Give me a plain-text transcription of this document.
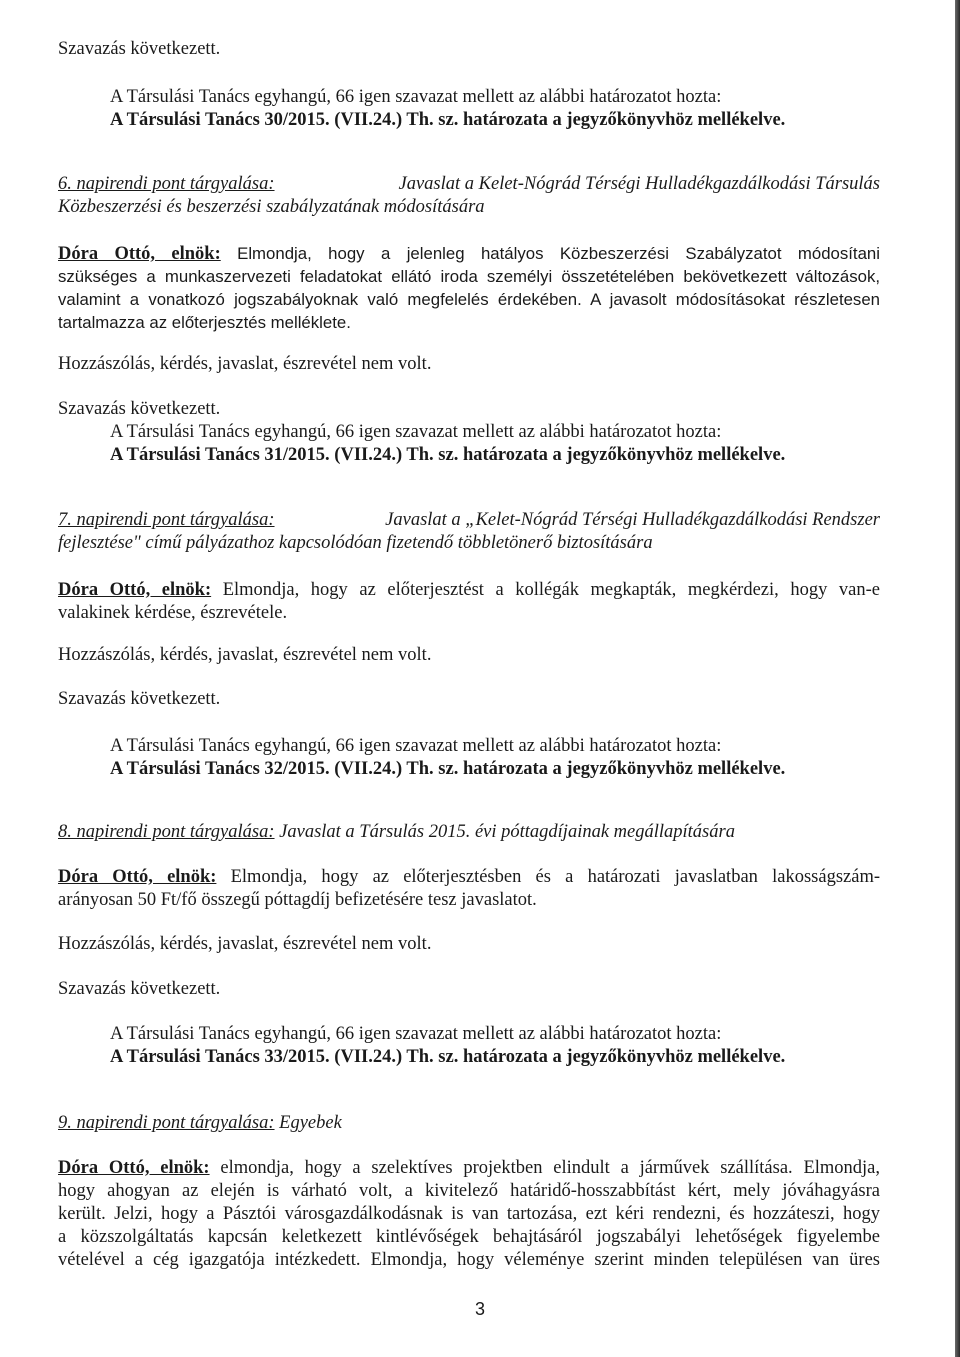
Szavazás következett.
A Társulási Tanács egyhangú, 66 igen szavazat mellett az alábbi határozatot hozta:
A Társulási Tanács 30/2015. (VII.24.) Th. sz. határozata a jegyzőkönyvhöz mellékelve.
6. napirendi pont tárgyalása:	Javaslat a Kelet-Nógrád Térségi Hulladékgazdálkodási Társulás
Közbeszerzési és beszerzési szabályzatának módosítására
Dóra Ottó, elnök: Elmondja, hogy a jelenleg hatályos Közbeszerzési Szabályzatot módosítani
szükséges a munkaszervezeti feladatokat ellátó iroda személyi összetételében bekövetkezett változások,
valamint a vonatkozó jogszabályoknak való megfelelés érdekében. A javasolt módosításokat részletesen
tartalmazza az előterjesztés melléklete.
Hozzászólás, kérdés, javaslat, észrevétel nem volt.
Szavazás következett.
A Társulási Tanács egyhangú, 66 igen szavazat mellett az alábbi határozatot hozta:
A Társulási Tanács 31/2015. (VII.24.) Th. sz. határozata a jegyzőkönyvhöz mellékelve.
7. napirendi pont tárgyalása:	Javaslat a „Kelet-Nógrád Térségi Hulladékgazdálkodási Rendszer
fejlesztése" című pályázathoz kapcsolódóan fizetendő többletönerő biztosítására
Dóra Ottó, elnök: Elmondja, hogy az előterjesztést a kollégák megkapták, megkérdezi, hogy van-e
valakinek kérdése, észrevétele.
Hozzászólás, kérdés, javaslat, észrevétel nem volt.
Szavazás következett.
A Társulási Tanács egyhangú, 66 igen szavazat mellett az alábbi határozatot hozta:
A Társulási Tanács 32/2015. (VII.24.) Th. sz. határozata a jegyzőkönyvhöz mellékelve.
8. napirendi pont tárgyalása: Javaslat a Társulás 2015. évi póttagdíjainak megállapítására
Dóra Ottó, elnök: Elmondja, hogy az előterjesztésben és a határozati javaslatban lakosságszám-
arányosan 50 Ft/fő összegű póttagdíj befizetésére tesz javaslatot.
Hozzászólás, kérdés, javaslat, észrevétel nem volt.
Szavazás következett.
A Társulási Tanács egyhangú, 66 igen szavazat mellett az alábbi határozatot hozta:
A Társulási Tanács 33/2015. (VII.24.) Th. sz. határozata a jegyzőkönyvhöz mellékelve.
9. napirendi pont tárgyalása: Egyebek
Dóra Ottó, elnök: elmondja, hogy a szelektíves projektben elindult a járművek szállítása. Elmondja,
hogy ahogyan az elején is várható volt, a kivitelező határidő-hosszabbítást kért, mely jóváhagyásra
került. Jelzi, hogy a Pásztói városgazdálkodásnak is van tartozása, ezt kéri rendezni, és hozzáteszi, hogy
a közszolgáltatás kapcsán keletkezett kintlévőségek behajtásáról jogszabályi lehetőségek figyelembe
vételével a cég igazgatója intézkedett. Elmondja, hogy véleménye szerint minden településen van üres
3
